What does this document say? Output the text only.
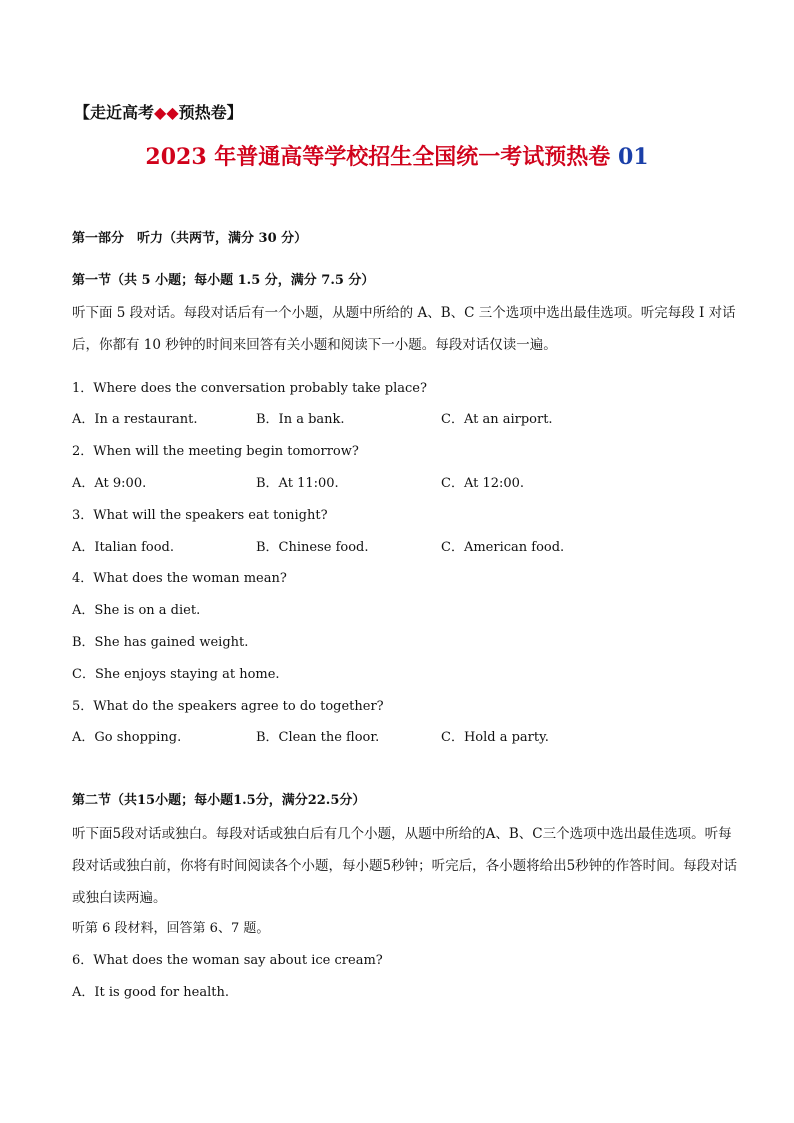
【走近高考◆◆预热卷】
2023 年普通高等学校招生全国统一考试预热卷 01
第一部分　听力（共两节，满分 30 分）
第一节（共 5 小题；每小题 1.5 分，满分 7.5 分）
听下面 5 段对话。每段对话后有一个小题，从题中所给的 A、B、C 三个选项中选出最佳选项。听完每段 I 对话后，你都有 10 秒钟的时间来回答有关小题和阅读下一小题。每段对话仅读一遍。
1．Where does the conversation probably take place?
A．In a restaurant.	B．In a bank.	C．At an airport.
2．When will the meeting begin tomorrow?
A．At 9:00.	B．At 11:00.	C．At 12:00.
3．What will the speakers eat tonight?
A．Italian food.	B．Chinese food.	C．American food.
4．What does the woman mean?
A．She is on a diet.
B．She has gained weight.
C．She enjoys staying at home.
5．What do the speakers agree to do together?
A．Go shopping.	B．Clean the floor.	C．Hold a party.
第二节（共15小题；每小题1.5分，满分22.5分）
听下面5段对话或独白。每段对话或独白后有几个小题，从题中所给的A、B、C三个选项中选出最佳选项。听每段对话或独白前，你将有时间阅读各个小题，每小题5秒钟；听完后，各小题将给出5秒钟的作答时间。每段对话或独白读两遍。
听第 6 段材料，回答第 6、7 题。
6．What does the woman say about ice cream?
A．It is good for health.
